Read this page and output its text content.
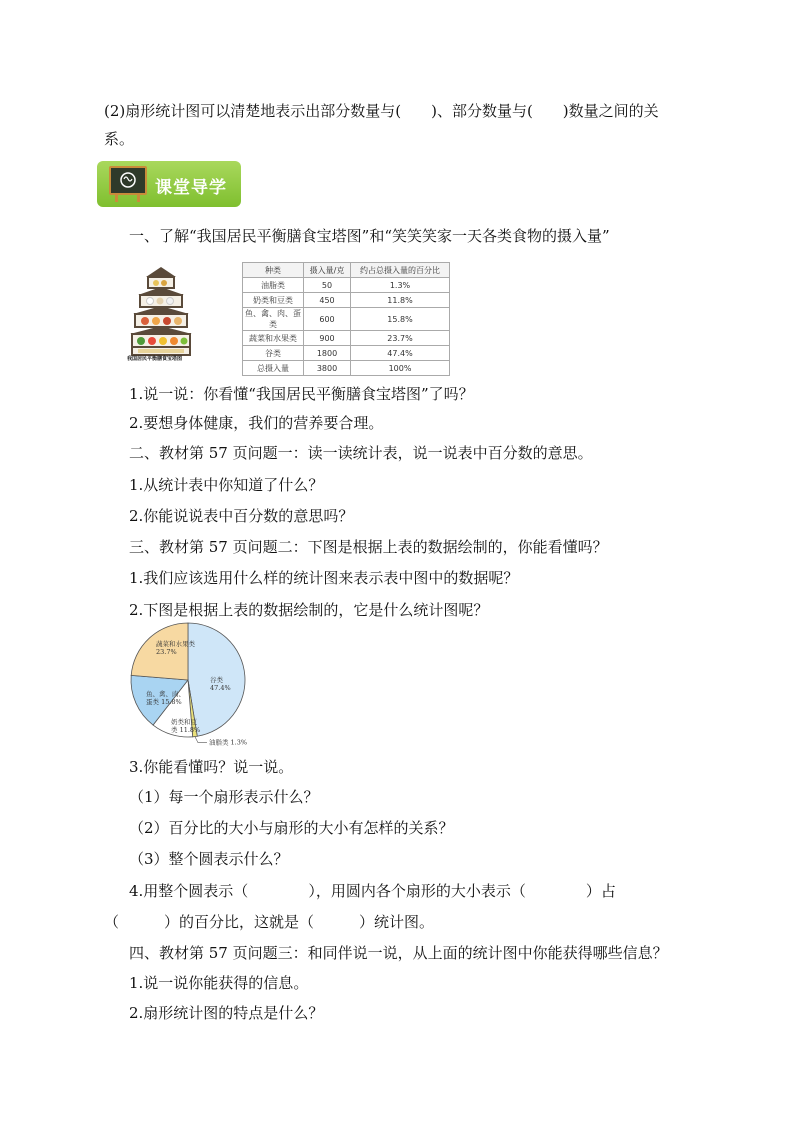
(2)扇形统计图可以清楚地表示出部分数量与(　　)、部分数量与(　　)数量之间的关
系。
课堂导学
一、了解“我国居民平衡膳食宝塔图”和“笑笑笑家一天各类食物的摄入量”
我国居民平衡膳食宝塔图
种类	摄入量/克	约占总摄入量的百分比
油脂类	50	1.3%
奶类和豆类	450	11.8%
鱼、禽、肉、蛋类	600	15.8%
蔬菜和水果类	900	23.7%
谷类	1800	47.4%
总摄入量	3800	100%
1.说一说：你看懂“我国居民平衡膳食宝塔图”了吗？
2.要想身体健康，我们的营养要合理。
二、教材第 57 页问题一：读一读统计表，说一说表中百分数的意思。
1.从统计表中你知道了什么？
2.你能说说表中百分数的意思吗？
三、教材第 57 页问题二：下图是根据上表的数据绘制的，你能看懂吗？
1.我们应该选用什么样的统计图来表示表中图中的数据呢？
2.下图是根据上表的数据绘制的，它是什么统计图呢？
谷类
47.4%
油脂类 1.3%
奶类和豆
类 11.8%
鱼、禽、肉、
蛋类 15.8%
蔬菜和水果类
23.7%
3.你能看懂吗？说一说。
（1）每一个扇形表示什么？
（2）百分比的大小与扇形的大小有怎样的关系？
（3）整个圆表示什么？
4.用整个圆表示（　　　　），用圆内各个扇形的大小表示（　　　　）占
（　　　）的百分比，这就是（　　　）统计图。
四、教材第 57 页问题三：和同伴说一说，从上面的统计图中你能获得哪些信息？
1.说一说你能获得的信息。
2.扇形统计图的特点是什么？
